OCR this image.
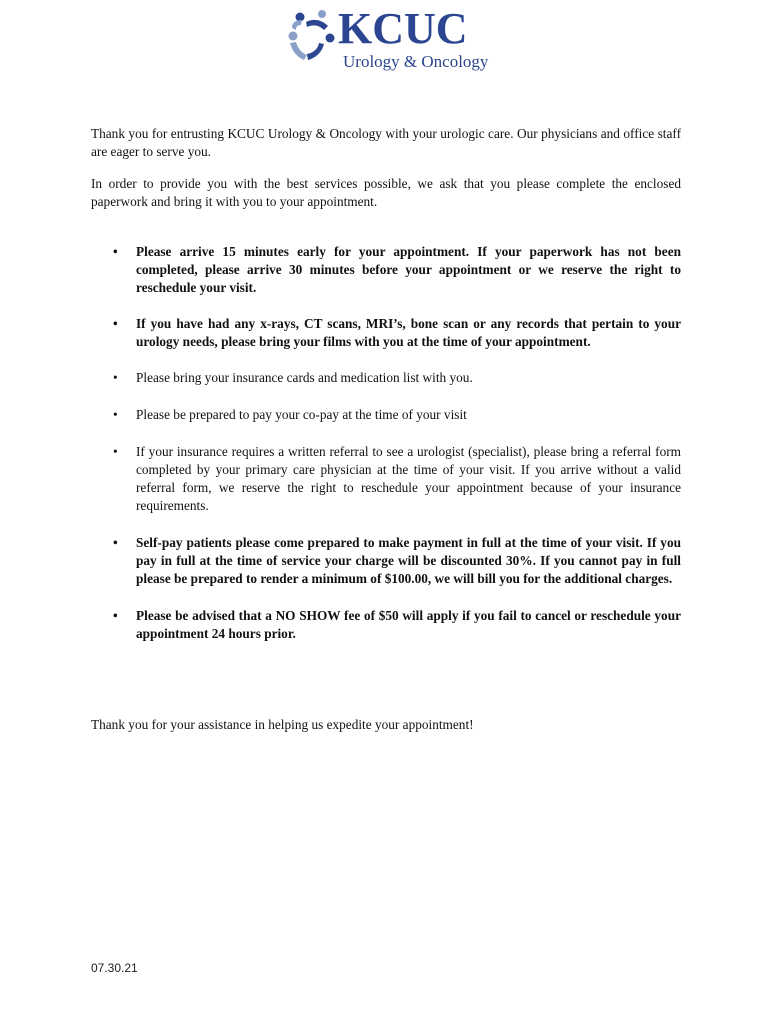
KCUC
Urology & Oncology
Thank you for entrusting KCUC Urology & Oncology with your urologic care. Our physicians and office staff are eager to serve you.
In order to provide you with the best services possible, we ask that you please complete the enclosed paperwork and bring it with you to your appointment.
• Please arrive 15 minutes early for your appointment. If your paperwork has not been completed, please arrive 30 minutes before your appointment or we reserve the right to reschedule your visit.
• If you have had any x-rays, CT scans, MRI’s, bone scan or any records that pertain to your urology needs, please bring your films with you at the time of your appointment.
• Please bring your insurance cards and medication list with you.
• Please be prepared to pay your co-pay at the time of your visit
• If your insurance requires a written referral to see a urologist (specialist), please bring a referral form completed by your primary care physician at the time of your visit. If you arrive without a valid referral form, we reserve the right to reschedule your appointment because of your insurance requirements.
• Self-pay patients please come prepared to make payment in full at the time of your visit. If you pay in full at the time of service your charge will be discounted 30%. If you cannot pay in full please be prepared to render a minimum of $100.00, we will bill you for the additional charges.
• Please be advised that a NO SHOW fee of $50 will apply if you fail to cancel or reschedule your appointment 24 hours prior.
Thank you for your assistance in helping us expedite your appointment!
07.30.21
